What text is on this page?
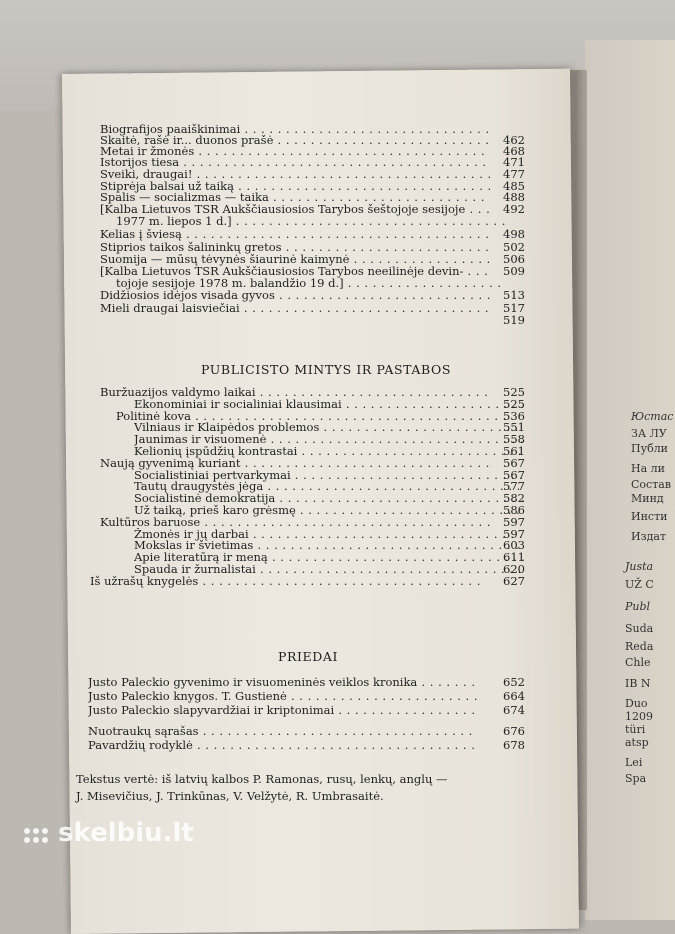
Юстас
ЗА ЛУ
Публи
На ли
Состав
Минд
Инсти
Издат
Justa
UŽ C
Publ
Suda
Reda
Chle
IB N
Duo
1209
türi
atsp
Lei
Spa
Biografijos paaiškinimai . . .
Skaitė, rašė ir... duonos prašė . . .	462
Metai ir žmonės . . .	468
Istorijos tiesa . . .	471
Sveiki, draugai! . . .	477
Stiprėja balsai už taiką . . .	485
Spalis — socializmas — taika . . .	488
[Kalba Lietuvos TSR Aukščiausiosios Tarybos šeštojoje sesijoje . . .	492
1977 m. liepos 1 d.] . . .
Kelias į šviesą . . .	498
Stiprios taikos šalininkų gretos . . .	502
Suomija — mūsų tėvynės šiaurinė kaimynė . . .	506
[Kalba Lietuvos TSR Aukščiausiosios Tarybos neeilinėje devin- . . .	509
tojoje sesijoje 1978 m. balandžio 19 d.] . . .
Didžiosios idėjos visada gyvos . . .	513
Mieli draugai laisviečiai . . .	517
519
Buržuazijos valdymo laikai . . .	525
Ekonominiai ir socialiniai klausimai . . .	525
Politinė kova . . .	536
Vilniaus ir Klaipėdos problemos . . .	551
Jaunimas ir visuomenė . . .	558
Kelionių įspūdžių kontrastai . . .	561
Naują gyvenimą kuriant . . .	567
Socialistiniai pertvarkymai . . .	567
Tautų draugystės jėga . . .	577
Socialistinė demokratija . . .	582
Už taiką, prieš karo grėsmę . . .	586
Kultūros baruose . . .	597
Žmonės ir jų darbai . . .	597
Mokslas ir švietimas . . .	603
Apie literatūrą ir meną . . .	611
Spauda ir žurnalistai . . .	620
Iš užrašų knygelės . . .	627
Justo Paleckio gyvenimo ir visuomeninės veiklos kronika . . .	652
Justo Paleckio knygos. T. Gustienė . . .	664
Justo Paleckio slapyvardžiai ir kriptonimai . . .	674
Nuotraukų sąrašas . . .	676
Pavardžių rodyklė . . .	678
PUBLICISTO MINTYS IR PASTABOS
PRIEDAI
Tekstus vertė: iš latvių kalbos P. Ramonas, rusų, lenkų, anglų —
J. Misevičius, J. Trinkūnas, V. Velžytė, R. Umbrasaitė.
skelbiu.lt
